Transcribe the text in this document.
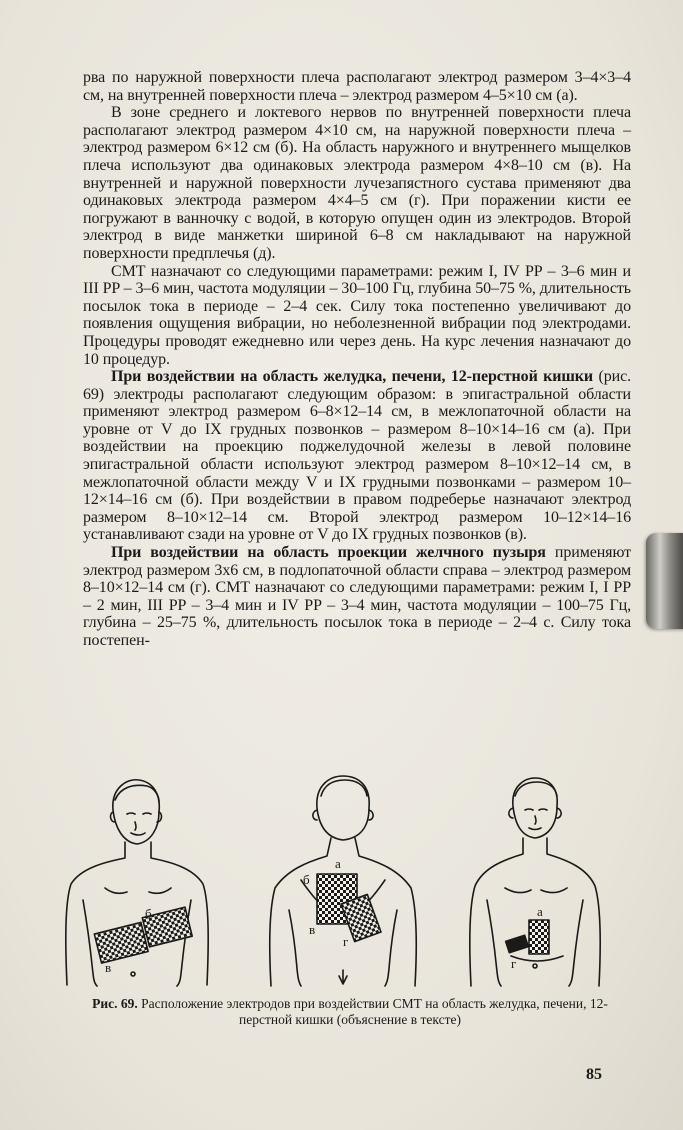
рва по наружной поверхности плеча располагают электрод размером 3–4×3–4 см, на внутренней поверхности плеча – электрод размером 4–5×10 см (а).

В зоне среднего и локтевого нервов по внутренней поверхности плеча располагают электрод размером 4×10 см, на наружной поверхности плеча – электрод размером 6×12 см (б). На область наружного и внутреннего мыщелков плеча используют два одинаковых электрода размером 4×8–10 см (в). На внутренней и наружной поверхности лучезапястного сустава применяют два одинаковых электрода размером 4×4–5 см (г). При поражении кисти ее погружают в ванночку с водой, в которую опущен один из электродов. Второй электрод в виде манжетки шириной 6–8 см накладывают на наружной поверхности предплечья (д).

СМТ назначают со следующими параметрами: режим I, IV PP – 3–6 мин и III PP – 3–6 мин, частота модуляции – 30–100 Гц, глубина 50–75 %, длительность посылок тока в периоде – 2–4 сек. Силу тока постепенно увеличивают до появления ощущения вибрации, но неболезненной вибрации под электродами. Процедуры проводят ежедневно или через день. На курс лечения назначают до 10 процедур.

При воздействии на область желудка, печени, 12-перстной кишки (рис. 69) электроды располагают следующим образом: в эпигастральной области применяют электрод размером 6–8×12–14 см, в межлопаточной области на уровне от V до IX грудных позвонков – размером 8–10×14–16 см (а). При воздействии на проекцию поджелудочной железы в левой половине эпигастральной области используют электрод размером 8–10×12–14 см, в межлопаточной области между V и IX грудными позвонками – размером 10–12×14–16 см (б). При воздействии в правом подреберье назначают электрод размером 8–10×12–14 см. Второй электрод размером 10–12×14–16 устанавливают сзади на уровне от V до IX грудных позвонков (в).

При воздействии на область проекции желчного пузыря применяют электрод размером 3х6 см, в подлопаточной области справа – электрод размером 8–10×12–14 см (г). СМТ назначают со следующими параметрами: режим I, I PP – 2 мин, III PP – 3–4 мин и IV PP – 3–4 мин, частота модуляции – 100–75 Гц, глубина – 25–75 %, длительность посылок тока в периоде – 2–4 с. Силу тока постепен-

б
в
а
б
в
г
а
г
Рис. 69. Расположение электродов при воздействии СМТ на область желудка, печени, 12-перстной кишки (объяснение в тексте)
85
